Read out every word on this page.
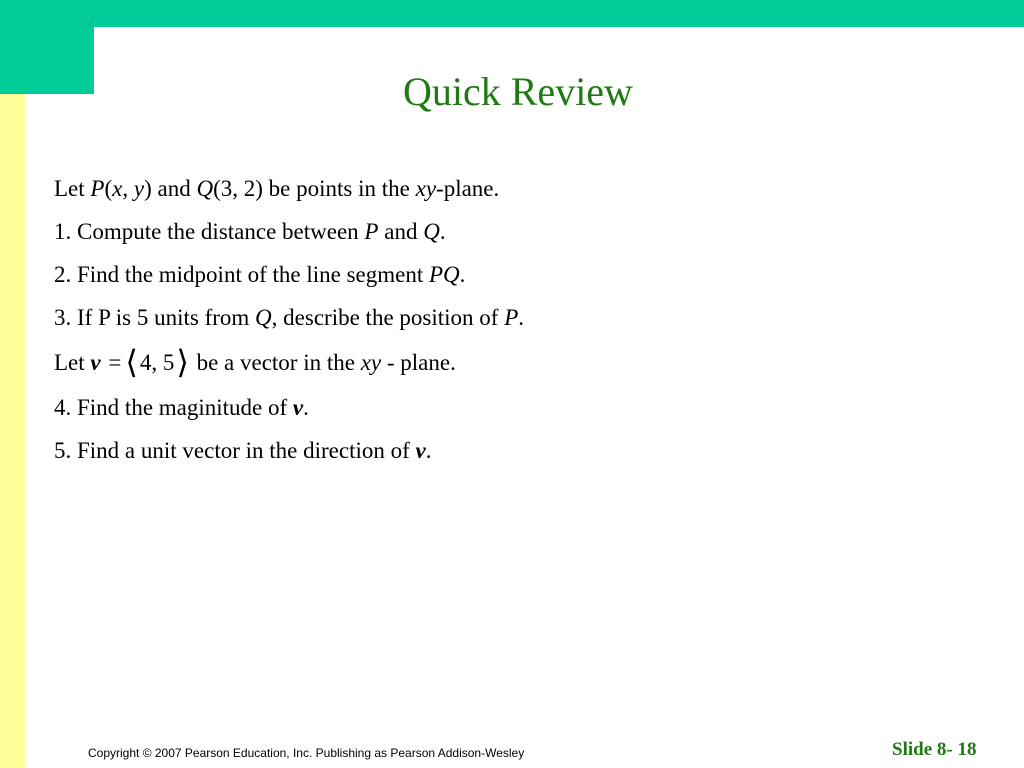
Quick Review
Let P(x, y) and Q(3, 2) be points in the xy-plane.
1. Compute the distance between P and Q.
2. Find the midpoint of the line segment PQ.
3. If P is 5 units from Q, describe the position of P.
Let v = ⟨4, 5⟩ be a vector in the xy - plane.
4. Find the maginitude of v.
5. Find a unit vector in the direction of v.
Copyright © 2007 Pearson Education, Inc. Publishing as Pearson Addison-Wesley	Slide 8- 18
